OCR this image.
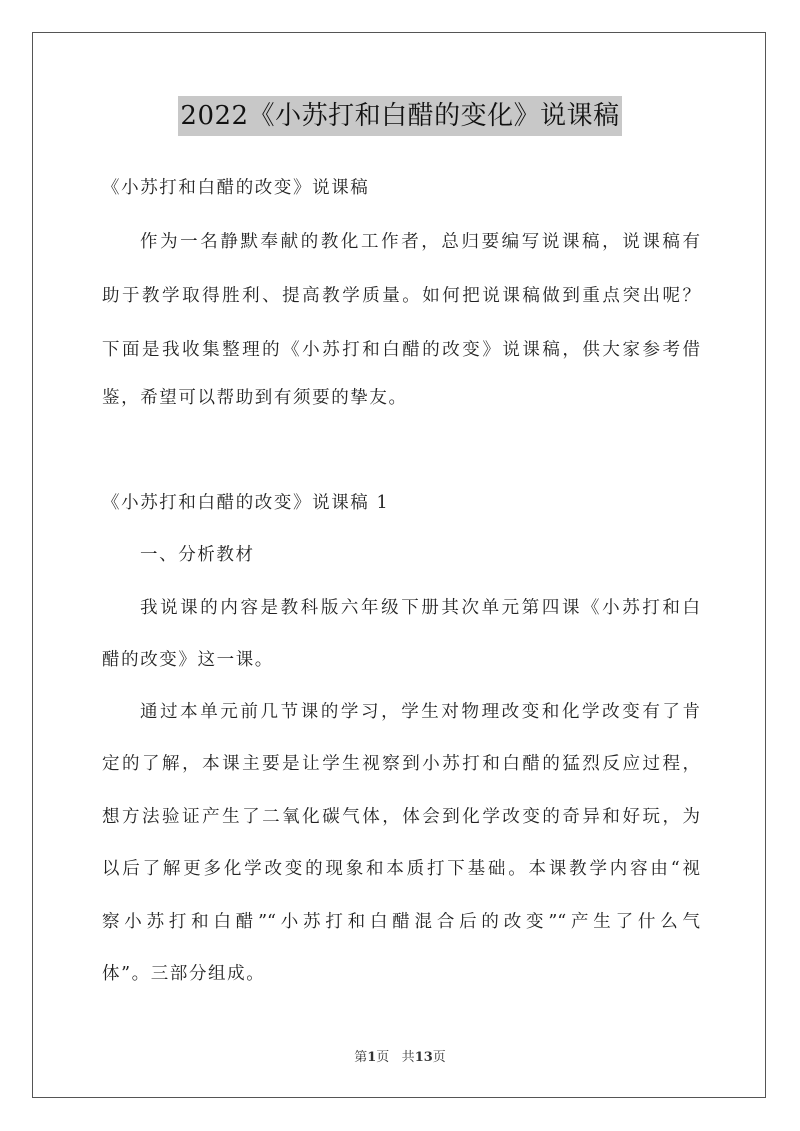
2022《小苏打和白醋的变化》说课稿
《小苏打和白醋的改变》说课稿
作为一名静默奉献的教化工作者，总归要编写说课稿，说课稿有
助于教学取得胜利、提高教学质量。如何把说课稿做到重点突出呢？
下面是我收集整理的《小苏打和白醋的改变》说课稿，供大家参考借
鉴，希望可以帮助到有须要的挚友。
《小苏打和白醋的改变》说课稿 1
一、分析教材
我说课的内容是教科版六年级下册其次单元第四课《小苏打和白
醋的改变》这一课。
通过本单元前几节课的学习，学生对物理改变和化学改变有了肯
定的了解，本课主要是让学生视察到小苏打和白醋的猛烈反应过程，
想方法验证产生了二氧化碳气体，体会到化学改变的奇异和好玩，为
以后了解更多化学改变的现象和本质打下基础。本课教学内容由“视
察小苏打和白醋”“小苏打和白醋混合后的改变”“产生了什么气
体”。三部分组成。
第1页 共13页
